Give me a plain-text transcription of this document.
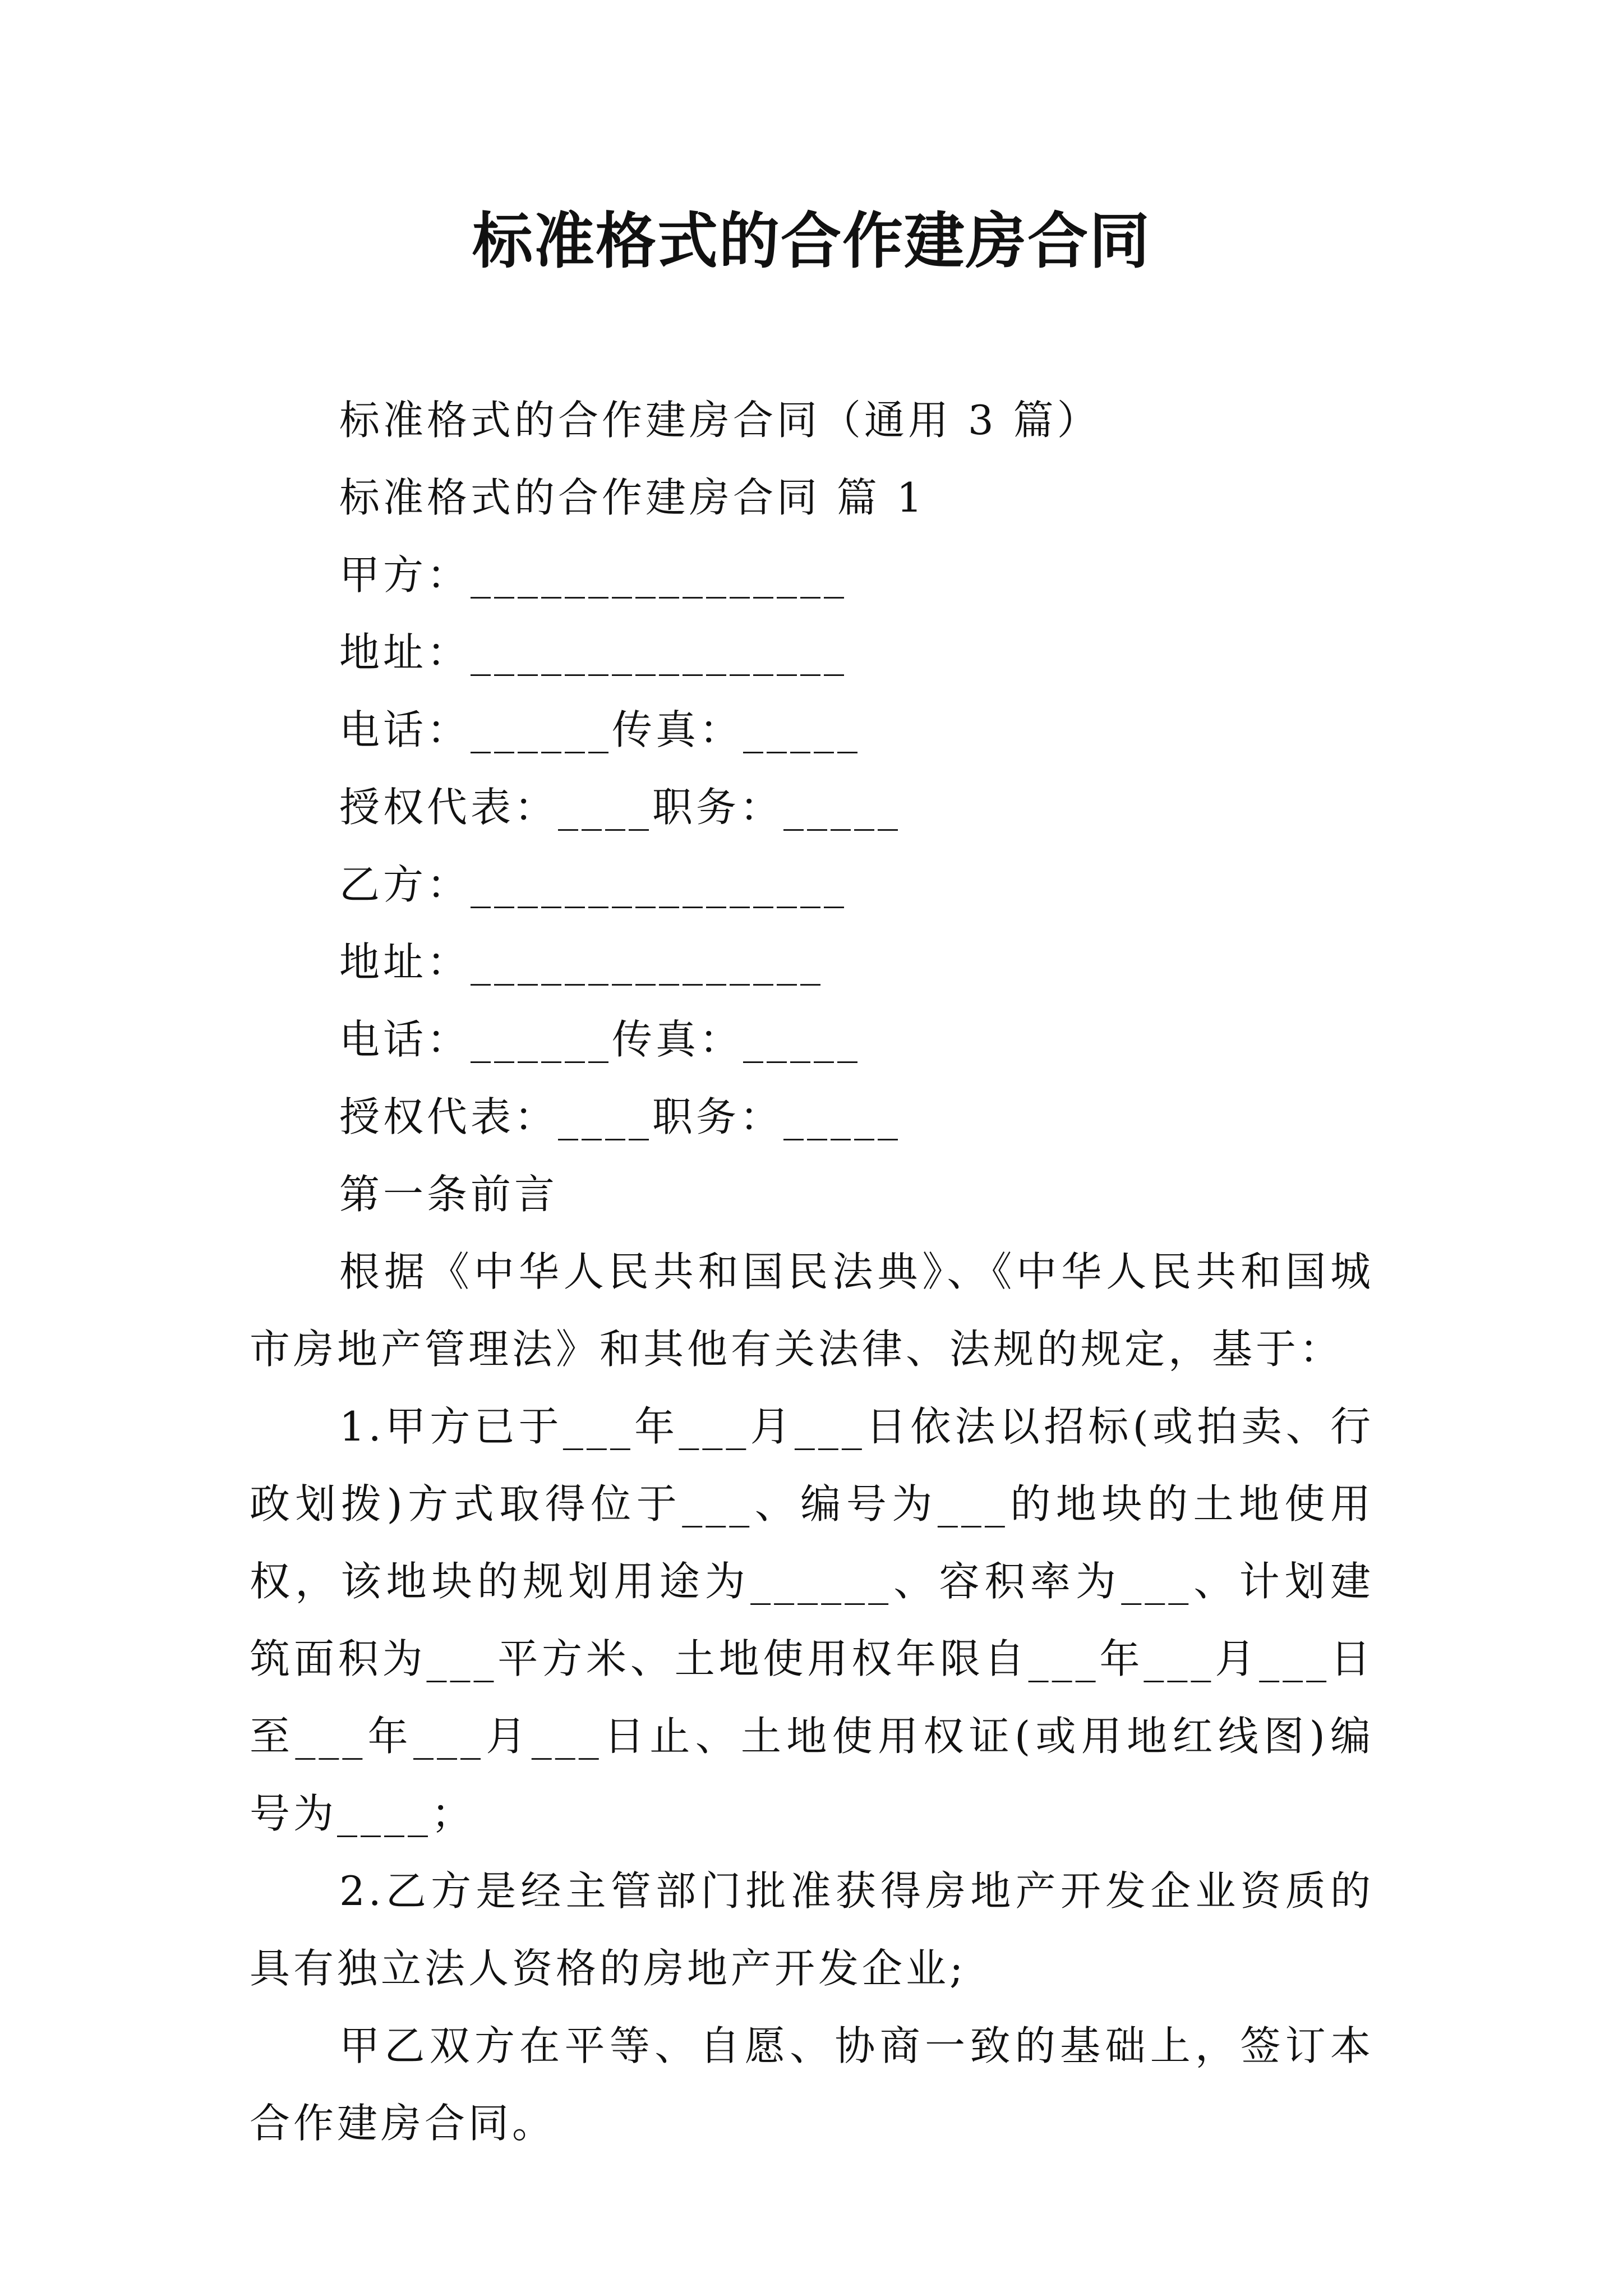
标准格式的合作建房合同
标准格式的合作建房合同（通用 3 篇）
标准格式的合作建房合同 篇 1
甲方：________________
地址：________________
电话：______传真：_____
授权代表：____职务：_____
乙方：________________
地址：_______________
电话：______传真：_____
授权代表：____职务：_____
第一条前言
根据《中华人民共和国民法典》、《中华人民共和国城市房地产管理法》和其他有关法律、法规的规定，基于：
1.甲方已于___年___月___日依法以招标(或拍卖、行政划拨)方式取得位于___、编号为___的地块的土地使用权，该地块的规划用途为______、容积率为___、计划建筑面积为___平方米、土地使用权年限自___年___月___日至___年___月___日止、土地使用权证(或用地红线图)编号为____；
2.乙方是经主管部门批准获得房地产开发企业资质的具有独立法人资格的房地产开发企业;
甲乙双方在平等、自愿、协商一致的基础上，签订本合作建房合同。
